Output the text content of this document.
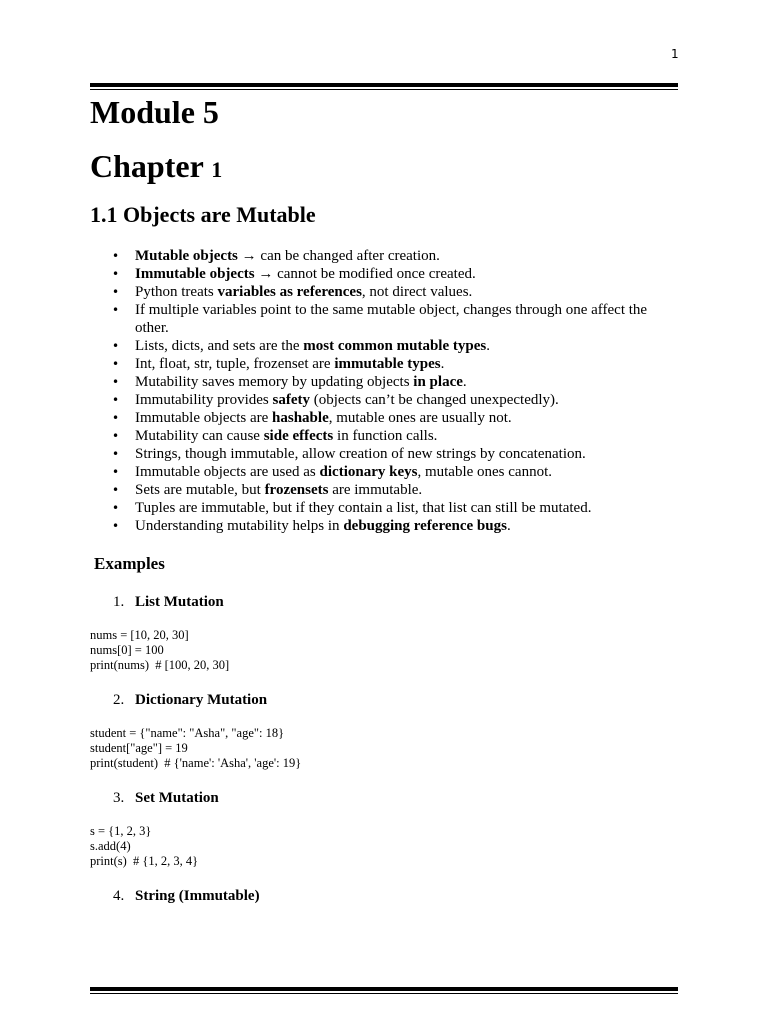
1
Module 5
Chapter 1
1.1 Objects are Mutable
• Mutable objects → can be changed after creation.
• Immutable objects → cannot be modified once created.
• Python treats variables as references, not direct values.
• If multiple variables point to the same mutable object, changes through one affect the other.
• Lists, dicts, and sets are the most common mutable types.
• Int, float, str, tuple, frozenset are immutable types.
• Mutability saves memory by updating objects in place.
• Immutability provides safety (objects can’t be changed unexpectedly).
• Immutable objects are hashable, mutable ones are usually not.
• Mutability can cause side effects in function calls.
• Strings, though immutable, allow creation of new strings by concatenation.
• Immutable objects are used as dictionary keys, mutable ones cannot.
• Sets are mutable, but frozensets are immutable.
• Tuples are immutable, but if they contain a list, that list can still be mutated.
• Understanding mutability helps in debugging reference bugs.
Examples
1. List Mutation
nums = [10, 20, 30]
nums[0] = 100
print(nums)  # [100, 20, 30]
2. Dictionary Mutation
student = {"name": "Asha", "age": 18}
student["age"] = 19
print(student)  # {'name': 'Asha', 'age': 19}
3. Set Mutation
s = {1, 2, 3}
s.add(4)
print(s)  # {1, 2, 3, 4}
4. String (Immutable)
